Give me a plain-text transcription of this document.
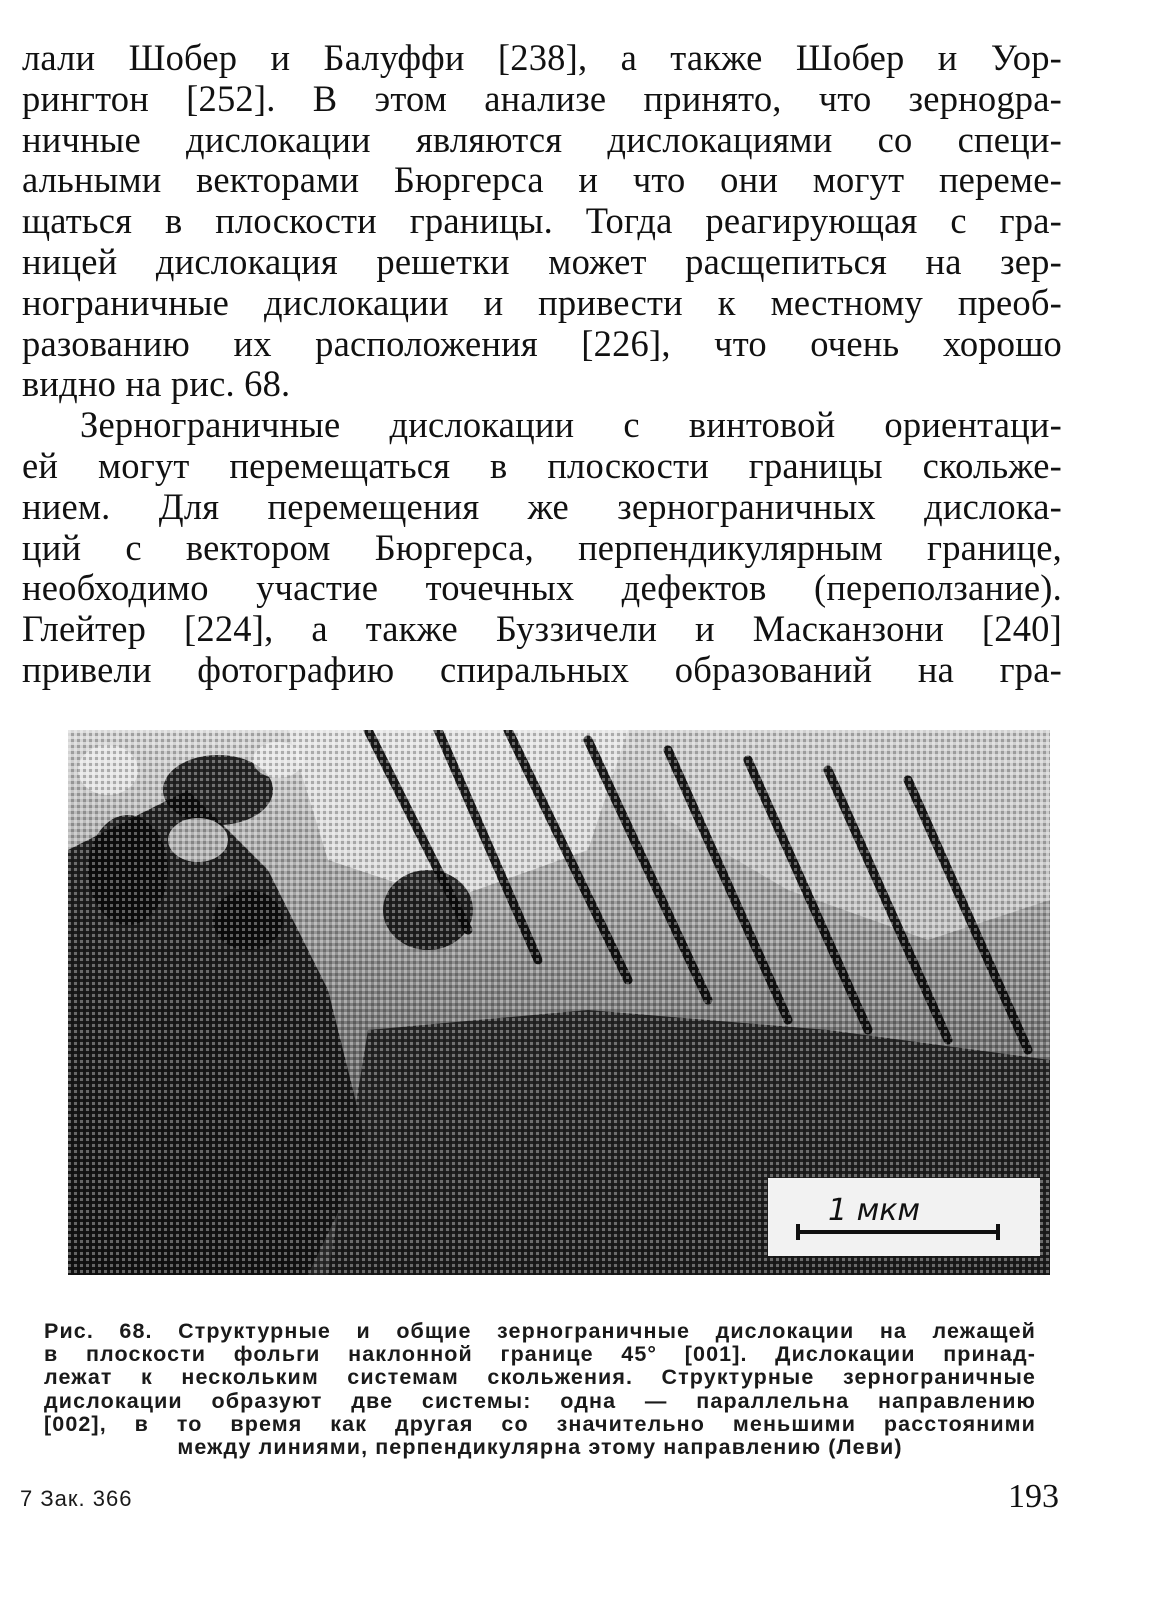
лали Шобер и Балуффи [238], а также Шобер и Уор-
рингтон [252]. В этом анализе принято, что зернogра-
ничные дислокации являются дислокациями со специ-
альными векторами Бюргерса и что они могут переме-
щаться в плоскости границы. Тогда реагирующая с гра-
ницей дислокация решетки может расщепиться на зер-
нограничные дислокации и привести к местному преоб-
разованию их расположения [226], что очень хорошо
видно на рис. 68.

Зернограничные дислокации с винтовой ориентаци-
ей могут перемещаться в плоскости границы скольже-
нием. Для перемещения же зернограничных дислока-
ций с вектором Бюргерса, перпендикулярным границе,
необходимо участие точечных дефектов (переползание).
Глейтер [224], а также Буззичели и Масканзони [240]
привели фотографию спиральных образований на гра-

1 мкм
Рис. 68. Структурные и общие зернограничные дислокации на лежащей
в плоскости фольги наклонной границе 45° [001]. Дислокации принад-
лежат к нескольким системам скольжения. Структурные зернограничные
дислокации образуют две системы: одна — параллельна направлению
[002], в то время как другая со значительно меньшими расстояними
между линиями, перпендикулярна этому направлению (Леви)
7 Зак. 366	193
